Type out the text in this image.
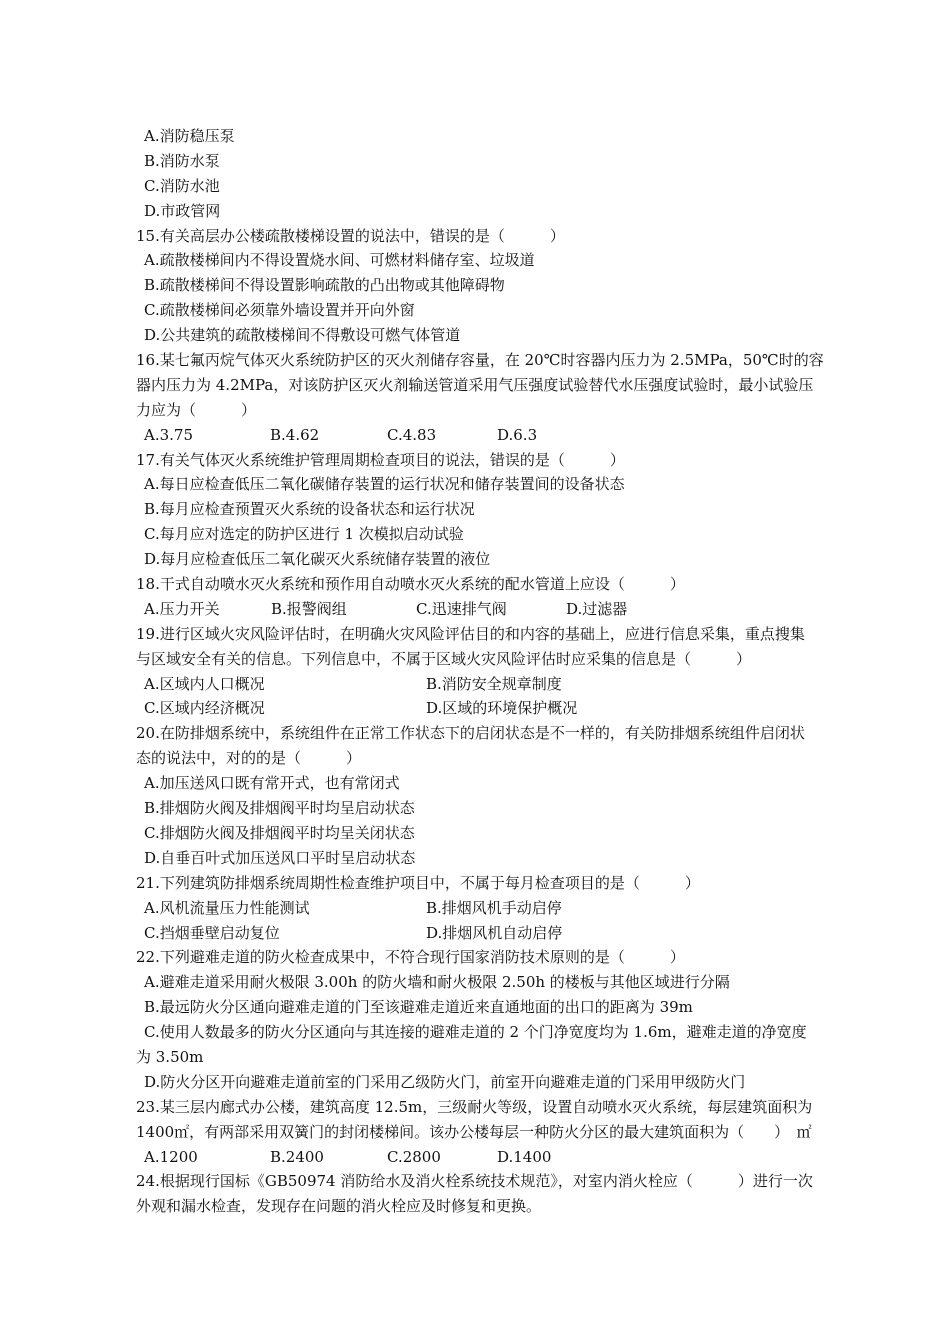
A.消防稳压泵
B.消防水泵
C.消防水池
D.市政管网
15.有关高层办公楼疏散楼梯设置的说法中，错误的是（　　　）
A.疏散楼梯间内不得设置烧水间、可燃材料储存室、垃圾道
B.疏散楼梯间不得设置影响疏散的凸出物或其他障碍物
C.疏散楼梯间必须靠外墙设置并开向外窗
D.公共建筑的疏散楼梯间不得敷设可燃气体管道
16.某七氟丙烷气体灭火系统防护区的灭火剂储存容量，在 20℃时容器内压力为 2.5MPa，50℃时的容
器内压力为 4.2MPa，对该防护区灭火剂输送管道采用气压强度试验替代水压强度试验时，最小试验压
力应为（　　　）
A.3.75	B.4.62	C.4.83	D.6.3
17.有关气体灭火系统维护管理周期检查项目的说法，错误的是（　　　）
A.每日应检查低压二氧化碳储存装置的运行状况和储存装置间的设备状态
B.每月应检查预置灭火系统的设备状态和运行状况
C.每月应对选定的防护区进行 1 次模拟启动试验
D.每月应检查低压二氧化碳灭火系统储存装置的液位
18.干式自动喷水灭火系统和预作用自动喷水灭火系统的配水管道上应设（　　　）
A.压力开关	B.报警阀组	C.迅速排气阀	D.过滤器
19.进行区域火灾风险评估时，在明确火灾风险评估目的和内容的基础上，应进行信息采集，重点搜集
与区域安全有关的信息。下列信息中，不属于区域火灾风险评估时应采集的信息是（　　　）
A.区域内人口概况	B.消防安全规章制度
C.区域内经济概况	D.区域的环境保护概况
20.在防排烟系统中，系统组件在正常工作状态下的启闭状态是不一样的，有关防排烟系统组件启闭状
态的说法中，对的的是（　　　）
A.加压送风口既有常开式，也有常闭式
B.排烟防火阀及排烟阀平时均呈启动状态
C.排烟防火阀及排烟阀平时均呈关闭状态
D.自垂百叶式加压送风口平时呈启动状态
21.下列建筑防排烟系统周期性检查维护项目中，不属于每月检查项目的是（　　　）
A.风机流量压力性能测试	B.排烟风机手动启停
C.挡烟垂壁启动复位	D.排烟风机自动启停
22.下列避难走道的防火检查成果中，不符合现行国家消防技术原则的是（　　　）
A.避难走道采用耐火极限 3.00h 的防火墙和耐火极限 2.50h 的楼板与其他区域进行分隔
B.最远防火分区通向避难走道的门至该避难走道近来直通地面的出口的距离为 39m
C.使用人数最多的防火分区通向与其连接的避难走道的 2 个门净宽度均为 1.6m，避难走道的净宽度
为 3.50m
D.防火分区开向避难走道前室的门采用乙级防火门，前室开向避难走道的门采用甲级防火门
23.某三层内廊式办公楼，建筑高度 12.5m，三级耐火等级，设置自动喷水灭火系统，每层建筑面积为
1400㎡，有两部采用双簧门的封闭楼梯间。该办公楼每层一种防火分区的最大建筑面积为（　　）　㎡
A.1200	B.2400	C.2800	D.1400
24.根据现行国标《GB50974 消防给水及消火栓系统技术规范》，对室内消火栓应（　　　）进行一次
外观和漏水检查，发现存在问题的消火栓应及时修复和更换。
